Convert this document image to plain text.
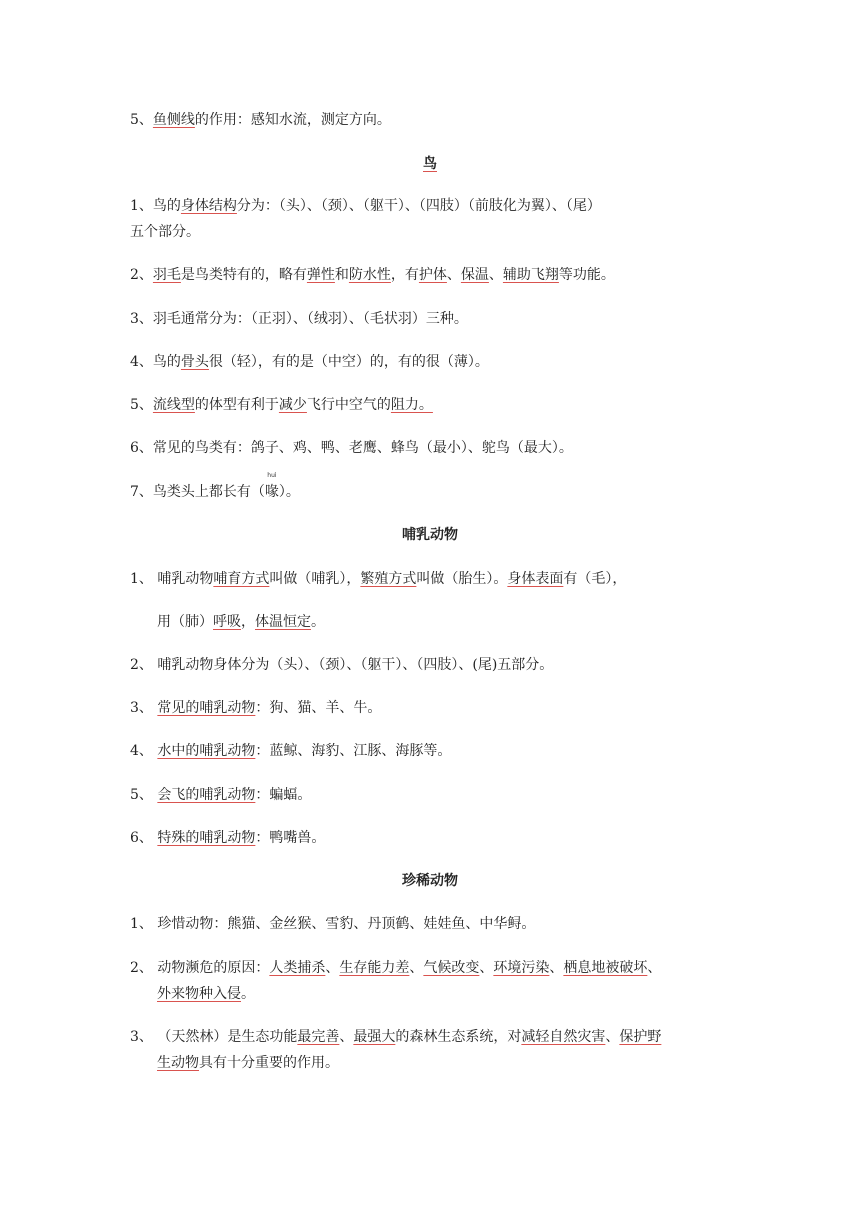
5、鱼侧线的作用：感知水流，测定方向。
鸟
1、鸟的身体结构分为：（头）、（颈）、（躯干）、（四肢）（前肢化为翼）、（尾）
五个部分。
2、羽毛是鸟类特有的，略有弹性和防水性，有护体、保温、辅助飞翔等功能。
3、羽毛通常分为：（正羽）、（绒羽）、（毛状羽）三种。
4、鸟的骨头很（轻），有的是（中空）的，有的很（薄）。
5、流线型的体型有利于减少飞行中空气的阻力。
6、常见的鸟类有：鸽子、鸡、鸭、老鹰、蜂鸟（最小）、鸵鸟（最大）。
7、鸟类头上都长有（
huì
喙）。
哺乳动物
1、 哺乳动物哺育方式叫做（哺乳），繁殖方式叫做（胎生）。身体表面有（毛），
用（肺）呼吸，体温恒定。
2、 哺乳动物身体分为（头）、（颈）、（躯干）、（四肢）、(尾)五部分。
3、 常见的哺乳动物：狗、猫、羊、牛。
4、 水中的哺乳动物：蓝鲸、海豹、江豚、海豚等。
5、 会飞的哺乳动物：蝙蝠。
6、 特殊的哺乳动物：鸭嘴兽。
珍稀动物
1、 珍惜动物：熊猫、金丝猴、雪豹、丹顶鹤、娃娃鱼、中华鲟。
2、 动物濒危的原因：人类捕杀、生存能力差、气候改变、环境污染、栖息地被破坏、
外来物种入侵。
3、 （天然林）是生态功能最完善、最强大的森林生态系统，对减轻自然灾害、保护野
生动物具有十分重要的作用。
